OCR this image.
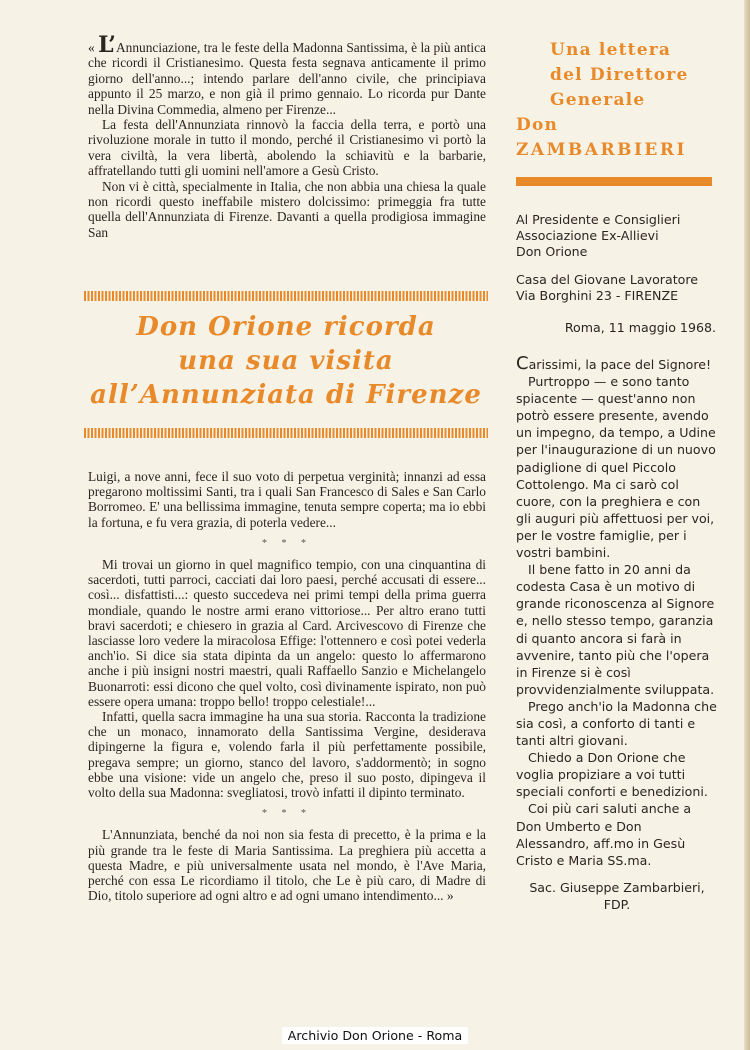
« L’Annunciazione, tra le feste della Madonna Santissima, è la più antica che ricordi il Cristianesimo. Questa festa segnava anticamente il primo giorno dell'anno...; intendo parlare dell'anno civile, che principiava appunto il 25 marzo, e non già il primo gennaio. Lo ricorda pur Dante nella Divina Commedia, almeno per Firenze...

La festa dell'Annunziata rinnovò la faccia della terra, e portò una rivoluzione morale in tutto il mondo, perché il Cristianesimo vi portò la vera civiltà, la vera libertà, abolendo la schiavitù e la barbarie, affratellando tutti gli uomini nell'amore a Gesù Cristo.

Non vi è città, specialmente in Italia, che non abbia una chiesa la quale non ricordi questo ineffabile mistero dolcissimo: primeggia fra tutte quella dell'Annunziata di Firenze. Davanti a quella prodigiosa immagine San

Don Orione ricorda
una sua visita
all’Annunziata di Firenze

Luigi, a nove anni, fece il suo voto di perpetua verginità; innanzi ad essa pregarono moltissimi Santi, tra i quali San Francesco di Sales e San Carlo Borromeo. E' una bellissima immagine, tenuta sempre coperta; ma io ebbi la fortuna, e fu vera grazia, di poterla vedere...

* * *

Mi trovai un giorno in quel magnifico tempio, con una cinquantina di sacerdoti, tutti parroci, cacciati dai loro paesi, perché accusati di essere... così... disfattisti...: questo succedeva nei primi tempi della prima guerra mondiale, quando le nostre armi erano vittoriose... Per altro erano tutti bravi sacerdoti; e chiesero in grazia al Card. Arcivescovo di Firenze che lasciasse loro vedere la miracolosa Effige: l'ottennero e così potei vederla anch'io. Si dice sia stata dipinta da un angelo: questo lo affermarono anche i più insigni nostri maestri, quali Raffaello Sanzio e Michelangelo Buonarroti: essi dicono che quel volto, così divinamente ispirato, non può essere opera umana: troppo bello! troppo celestiale!...

Infatti, quella sacra immagine ha una sua storia. Racconta la tradizione che un monaco, innamorato della Santissima Vergine, desiderava dipingerne la figura e, volendo farla il più perfettamente possibile, pregava sempre; un giorno, stanco del lavoro, s'addormentò; in sogno ebbe una visione: vide un angelo che, preso il suo posto, dipingeva il volto della sua Madonna: svegliatosi, trovò infatti il dipinto terminato.

* * *

L'Annunziata, benché da noi non sia festa di precetto, è la prima e la più grande tra le feste di Maria Santissima. La preghiera più accetta a questa Madre, e più universalmente usata nel mondo, è l'Ave Maria, perché con essa Le ricordiamo il titolo, che Le è più caro, di Madre di Dio, titolo superiore ad ogni altro e ad ogni umano intendimento... »

Una lettera
del Direttore
Generale
Don
ZAMBARBIERI
Al Presidente e Consiglieri
Associazione Ex-Allievi
Don Orione
Casa del Giovane Lavoratore
Via Borghini 23 - FIRENZE
Roma, 11 maggio 1968.

Carissimi, la pace del Signore!

Purtroppo — e sono tanto spiacente — quest'anno non potrò essere presente, avendo un impegno, da tempo, a Udine per l'inaugurazione di un nuovo padiglione di quel Piccolo Cottolengo. Ma ci sarò col cuore, con la preghiera e con gli auguri più affettuosi per voi, per le vostre famiglie, per i vostri bambini.

Il bene fatto in 20 anni da codesta Casa è un motivo di grande riconoscenza al Signore e, nello stesso tempo, garanzia di quanto ancora si farà in avvenire, tanto più che l'opera in Firenze si è così provvidenzialmente sviluppata.

Prego anch'io la Madonna che sia così, a conforto di tanti e tanti altri giovani.

Chiedo a Don Orione che voglia propiziare a voi tutti speciali conforti e benedizioni.

Coi più cari saluti anche a Don Umberto e Don Alessandro, aff.mo in Gesù Cristo e Maria SS.ma.

Sac. Giuseppe Zambarbieri,
FDP.
Archivio Don Orione - Roma
